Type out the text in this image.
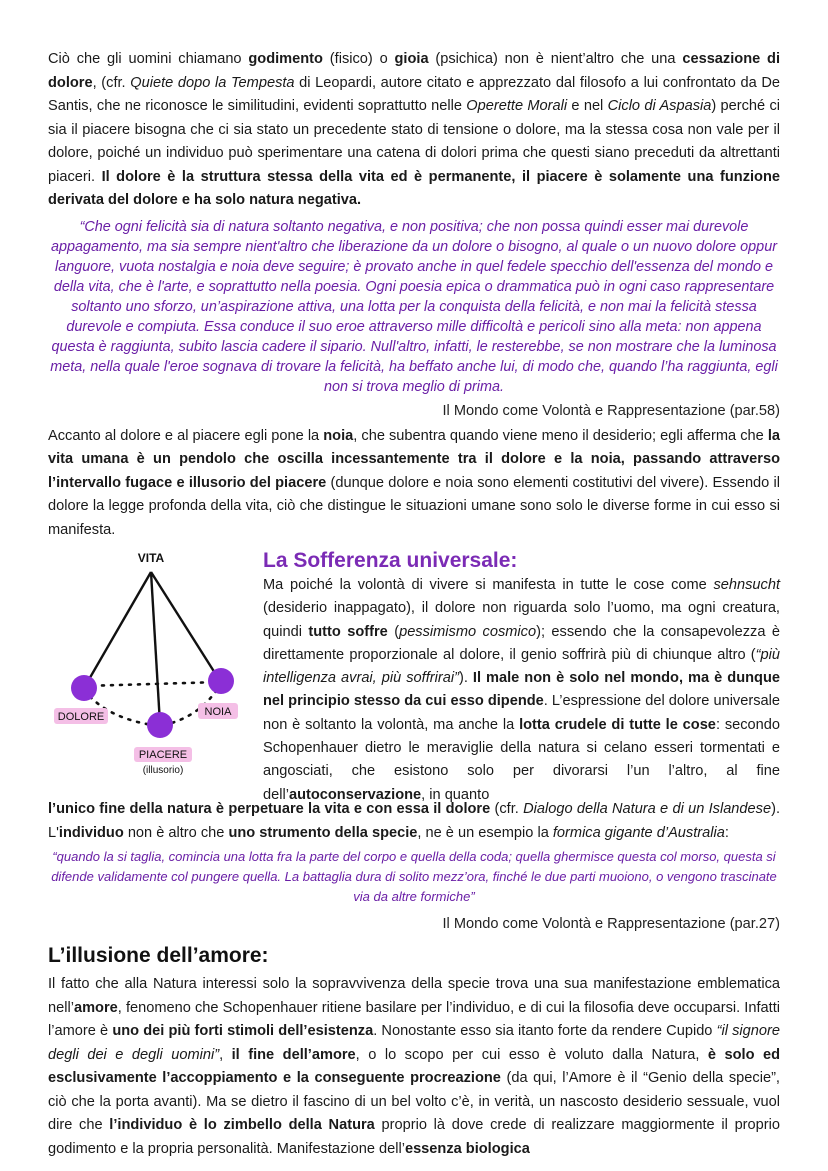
Ciò che gli uomini chiamano godimento (fisico) o gioia (psichica) non è nient’altro che una cessazione di dolore, (cfr. Quiete dopo la Tempesta di Leopardi, autore citato e apprezzato dal filosofo a lui confrontato da De Santis, che ne riconosce le similitudini, evidenti soprattutto nelle Operette Morali e nel Ciclo di Aspasia) perché ci sia il piacere bisogna che ci sia stato un precedente stato di tensione o dolore, ma la stessa cosa non vale per il dolore, poiché un individuo può sperimentare una catena di dolori prima che questi siano preceduti da altrettanti piaceri. Il dolore è la struttura stessa della vita ed è permanente, il piacere è solamente una funzione derivata del dolore e ha solo natura negativa.

“Che ogni felicità sia di natura soltanto negativa, e non positiva; che non possa quindi esser mai durevole appagamento, ma sia sempre nient'altro che liberazione da un dolore o bisogno, al quale o un nuovo dolore oppur languore, vuota nostalgia e noia deve seguire; è provato anche in quel fedele specchio dell'essenza del mondo e della vita, che è l'arte, e soprattutto nella poesia. Ogni poesia epica o drammatica può in ogni caso rappresentare soltanto uno sforzo, un’aspirazione attiva, una lotta per la conquista della felicità, e non mai la felicità stessa durevole e compiuta. Essa conduce il suo eroe attraverso mille difficoltà e pericoli sino alla meta: non appena questa è raggiunta, subito lascia cadere il sipario. Null'altro, infatti, le resterebbe, se non mostrare che la luminosa meta, nella quale l'eroe sognava di trovare la felicità, ha beffato anche lui, di modo che, quando l’ha raggiunta, egli non si trova meglio di prima.

Il Mondo come Volontà e Rappresentazione (par.58)

Accanto al dolore e al piacere egli pone la noia, che subentra quando viene meno il desiderio; egli afferma che la vita umana è un pendolo che oscilla incessantemente tra il dolore e la noia, passando attraverso l’intervallo fugace e illusorio del piacere (dunque dolore e noia sono elementi costitutivi del vivere). Essendo il dolore la legge profonda della vita, ciò che distingue le situazioni umane sono solo le diverse forme in cui esso si manifesta.

VITA
DOLORE	NOIA
PIACERE
(illusorio)

La Sofferenza universale:

Ma poiché la volontà di vivere si manifesta in tutte le cose come sehnsucht (desiderio inappagato), il dolore non riguarda solo l’uomo, ma ogni creatura, quindi tutto soffre (pessimismo cosmico); essendo che la consapevolezza è direttamente proporzionale al dolore, il genio soffrirà più di chiunque altro (“più intelligenza avrai, più soffrirai”). Il male non è solo nel mondo, ma è dunque nel principio stesso da cui esso dipende. L’espressione del dolore universale non è soltanto la volontà, ma anche la lotta crudele di tutte le cose: secondo Schopenhauer dietro le meraviglie della natura si celano esseri tormentati e angosciati, che esistono solo per divorarsi l’un l’altro, al fine dell’autoconservazione, in quanto

l’unico fine della natura è perpetuare la vita e con essa il dolore (cfr. Dialogo della Natura e di un Islandese). L'individuo non è altro che uno strumento della specie, ne è un esempio la formica gigante d’Australia:

“quando la si taglia, comincia una lotta fra la parte del corpo e quella della coda; quella ghermisce questa col morso, questa si difende validamente col pungere quella. La battaglia dura di solito mezz’ora, finché le due parti muoiono, o vengono trascinate via da altre formiche”

Il Mondo come Volontà e Rappresentazione (par.27)

L’illusione dell’amore:

Il fatto che alla Natura interessi solo la sopravvivenza della specie trova una sua manifestazione emblematica nell’amore, fenomeno che Schopenhauer ritiene basilare per l’individuo, e di cui la filosofia deve occuparsi. Infatti l’amore è uno dei più forti stimoli dell’esistenza. Nonostante esso sia itanto forte da rendere Cupido “il signore degli dei e degli uomini”, il fine dell’amore, o lo scopo per cui esso è voluto dalla Natura, è solo ed esclusivamente l’accoppiamento e la conseguente procreazione (da qui, l’Amore è il “Genio della specie”, ciò che la porta avanti). Ma se dietro il fascino di un bel volto c’è, in verità, un nascosto desiderio sessuale, vuol dire che l’individuo è lo zimbello della Natura proprio là dove crede di realizzare maggiormente il proprio godimento e la propria personalità. Manifestazione dell’essenza biologica
